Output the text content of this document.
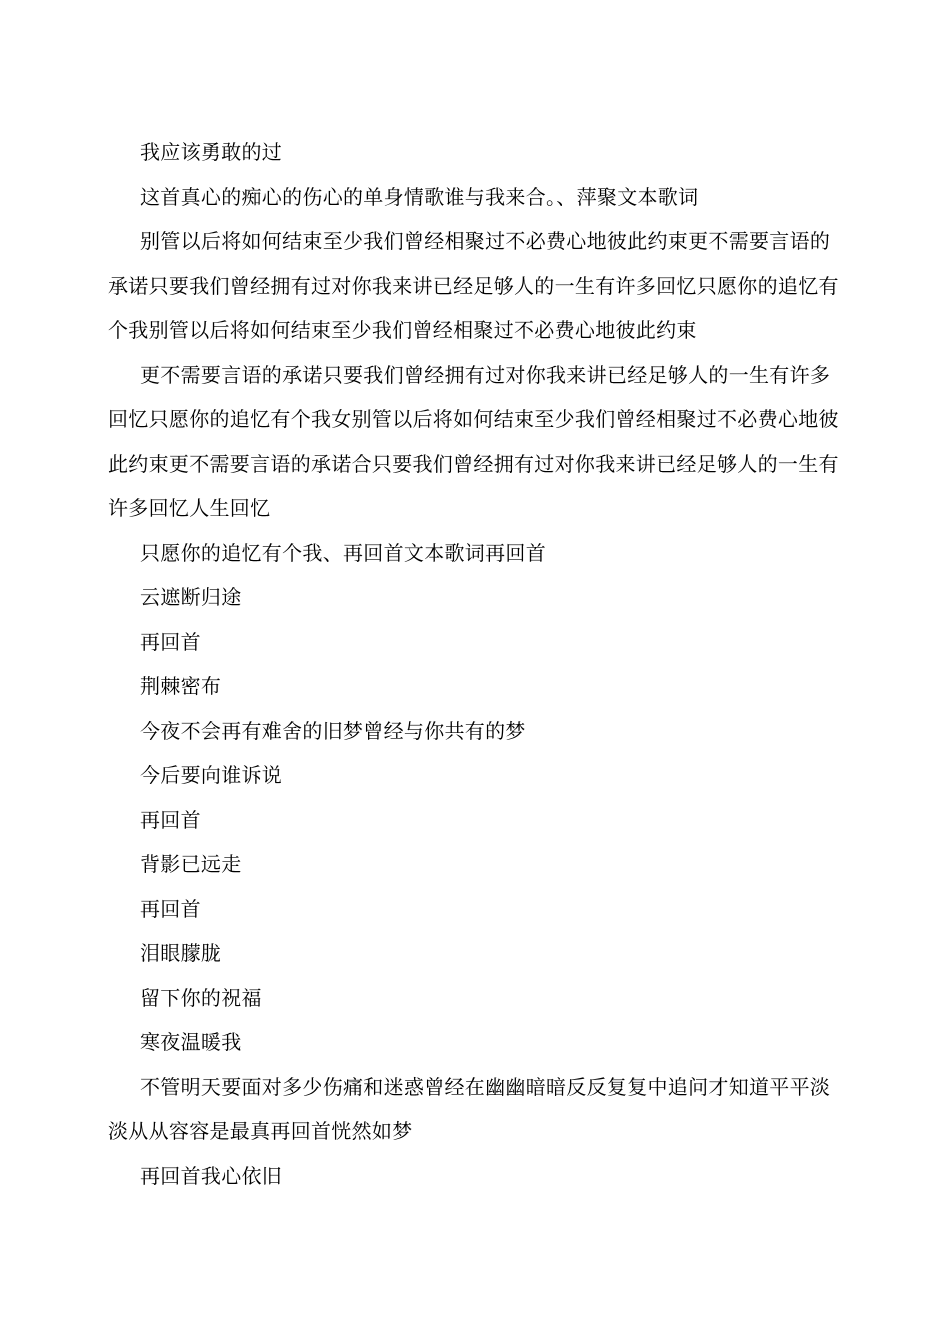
我应该勇敢的过

这首真心的痴心的伤心的单身情歌谁与我来合。、萍聚文本歌词

别管以后将如何结束至少我们曾经相聚过不必费心地彼此约束更不需要言语的承诺只要我们曾经拥有过对你我来讲已经足够人的一生有许多回忆只愿你的追忆有个我别管以后将如何结束至少我们曾经相聚过不必费心地彼此约束

更不需要言语的承诺只要我们曾经拥有过对你我来讲已经足够人的一生有许多回忆只愿你的追忆有个我女别管以后将如何结束至少我们曾经相聚过不必费心地彼此约束更不需要言语的承诺合只要我们曾经拥有过对你我来讲已经足够人的一生有许多回忆人生回忆

只愿你的追忆有个我、再回首文本歌词再回首

云遮断归途

再回首

荆棘密布

今夜不会再有难舍的旧梦曾经与你共有的梦

今后要向谁诉说

再回首

背影已远走

再回首

泪眼朦胧

留下你的祝福

寒夜温暖我

不管明天要面对多少伤痛和迷惑曾经在幽幽暗暗反反复复中追问才知道平平淡淡从从容容是最真再回首恍然如梦

再回首我心依旧
